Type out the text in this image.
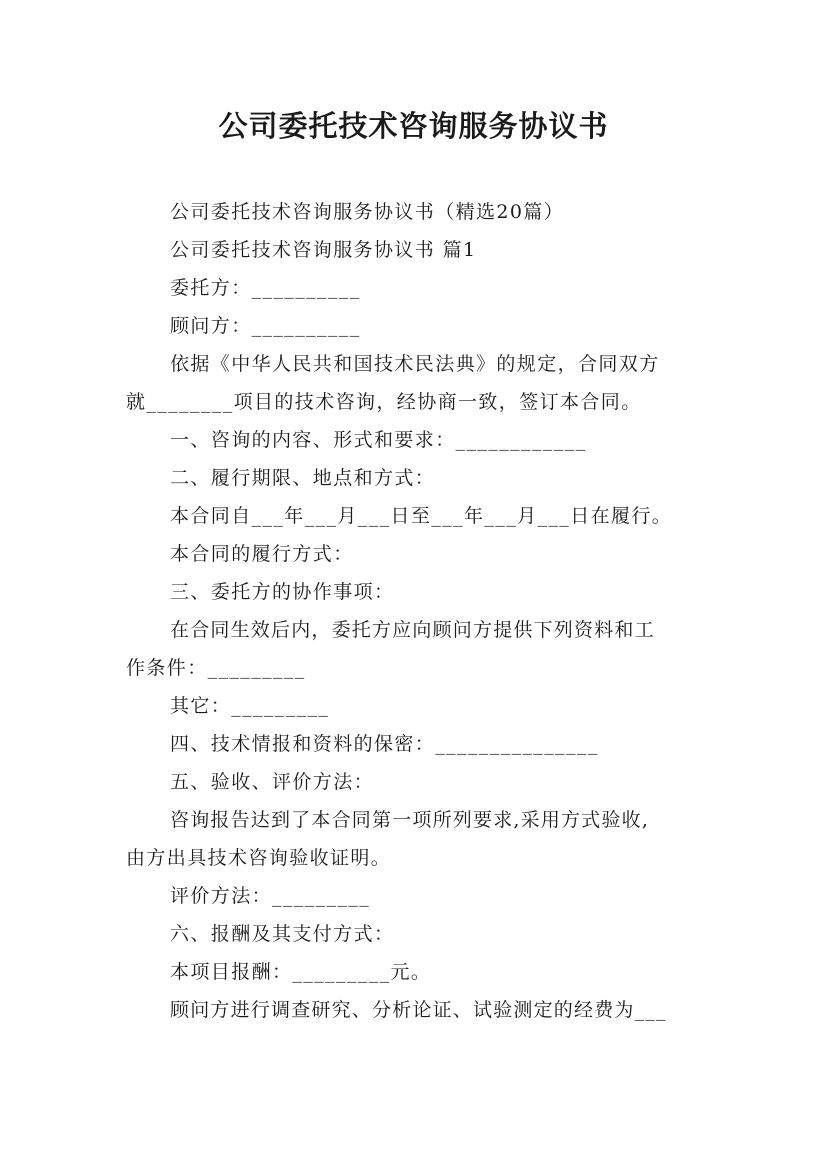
公司委托技术咨询服务协议书
公司委托技术咨询服务协议书（精选20篇）
公司委托技术咨询服务协议书 篇1
委托方：__________
顾问方：__________
依据《中华人民共和国技术民法典》的规定，合同双方
就________项目的技术咨询，经协商一致，签订本合同。
一、咨询的内容、形式和要求：____________
二、履行期限、地点和方式：
本合同自___年___月___日至___年___月___日在履行。
本合同的履行方式：
三、委托方的协作事项：
在合同生效后内，委托方应向顾问方提供下列资料和工
作条件：_________
其它：_________
四、技术情报和资料的保密：_______________
五、验收、评价方法：
咨询报告达到了本合同第一项所列要求,采用方式验收,
由方出具技术咨询验收证明。
评价方法：_________
六、报酬及其支付方式：
本项目报酬：_________元。
顾问方进行调查研究、分析论证、试验测定的经费为___
